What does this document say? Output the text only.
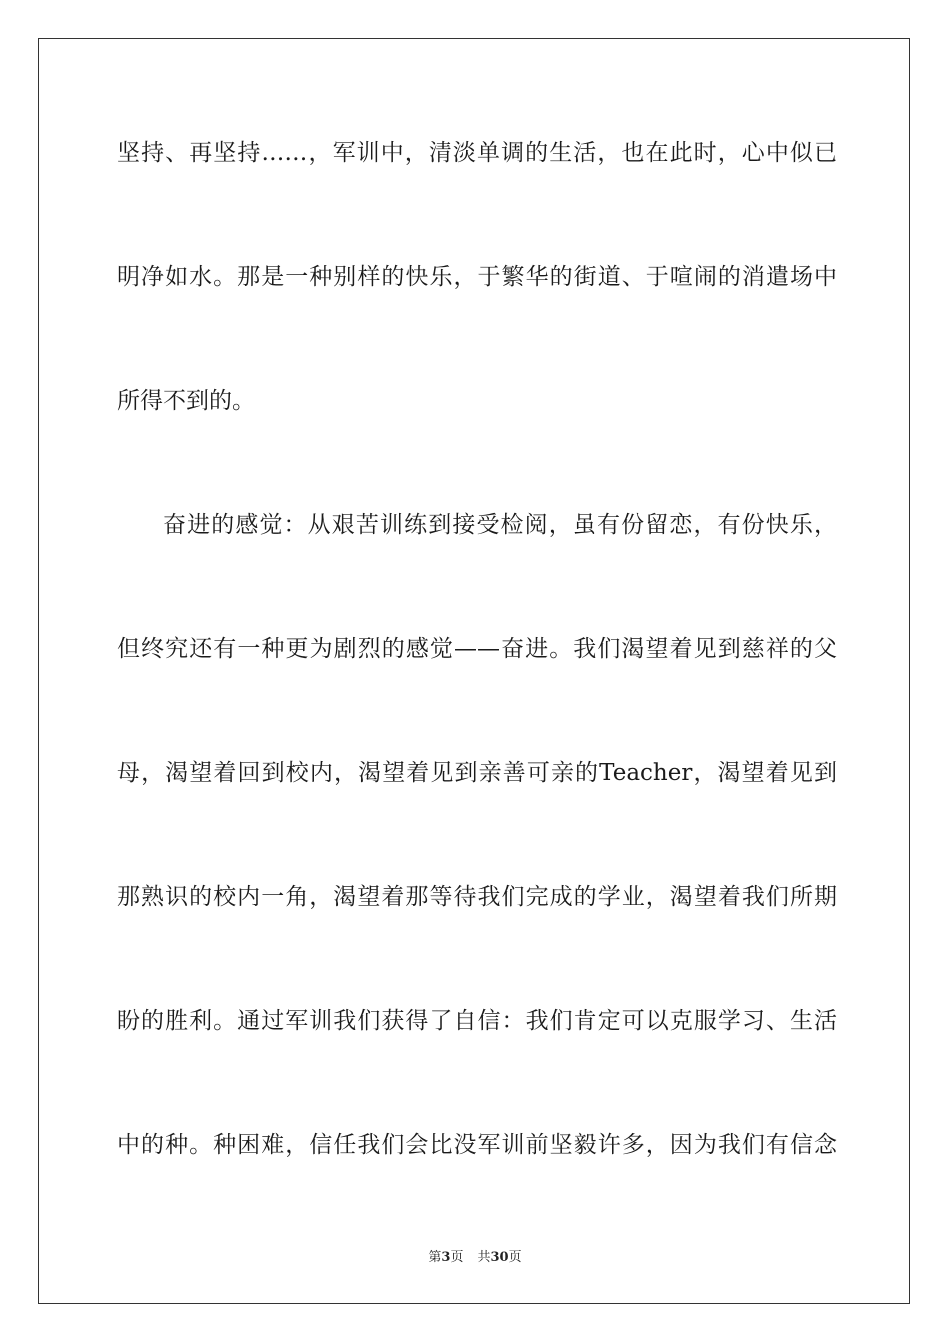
坚持、再坚持……，军训中，清淡单调的生活，也在此时，心中似已
明净如水。那是一种别样的快乐，于繁华的街道、于喧闹的消遣场中
所得不到的。
奋进的感觉：从艰苦训练到接受检阅，虽有份留恋，有份快乐，
但终究还有一种更为剧烈的感觉——奋进。我们渴望着见到慈祥的父
母，渴望着回到校内，渴望着见到亲善可亲的Teacher，渴望着见到
那熟识的校内一角，渴望着那等待我们完成的学业，渴望着我们所期
盼的胜利。通过军训我们获得了自信：我们肯定可以克服学习、生活
中的种。种困难，信任我们会比没军训前坚毅许多，因为我们有信念
第3页 共30页
